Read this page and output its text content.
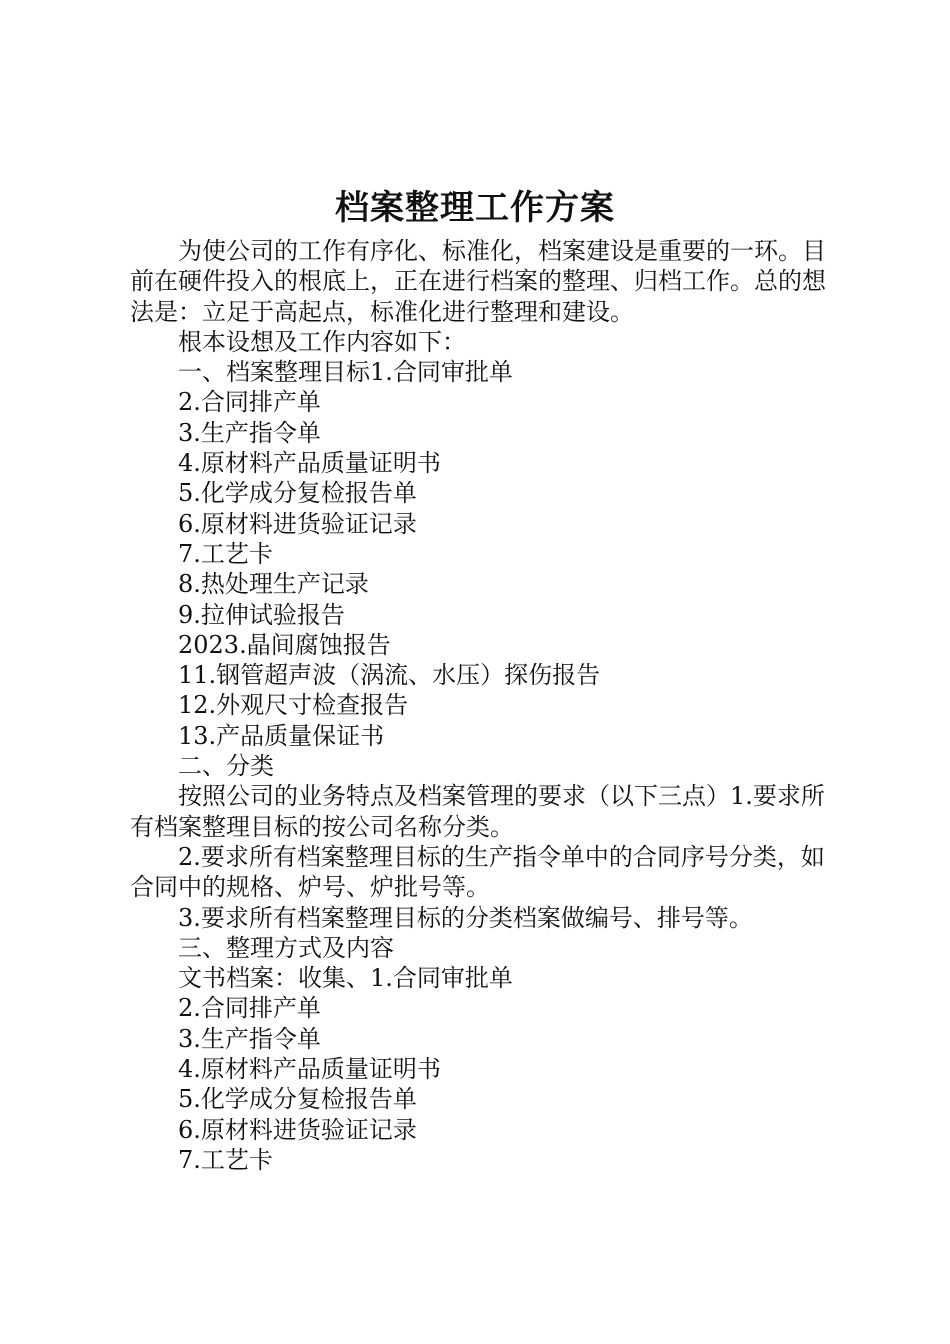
档案整理工作方案

为使公司的工作有序化、标准化，档案建设是重要的一环。目前在硬件投入的根底上，正在进行档案的整理、归档工作。总的想法是：立足于高起点，标准化进行整理和建设。

根本设想及工作内容如下：

一、档案整理目标1.合同审批单

2.合同排产单

3.生产指令单

4.原材料产品质量证明书

5.化学成分复检报告单

6.原材料进货验证记录

7.工艺卡

8.热处理生产记录

9.拉伸试验报告

2023.晶间腐蚀报告

11.钢管超声波（涡流、水压）探伤报告

12.外观尺寸检查报告

13.产品质量保证书

二、分类

按照公司的业务特点及档案管理的要求（以下三点）1.要求所有档案整理目标的按公司名称分类。

2.要求所有档案整理目标的生产指令单中的合同序号分类，如合同中的规格、炉号、炉批号等。

3.要求所有档案整理目标的分类档案做编号、排号等。

三、整理方式及内容

文书档案：收集、1.合同审批单

2.合同排产单

3.生产指令单

4.原材料产品质量证明书

5.化学成分复检报告单

6.原材料进货验证记录

7.工艺卡
